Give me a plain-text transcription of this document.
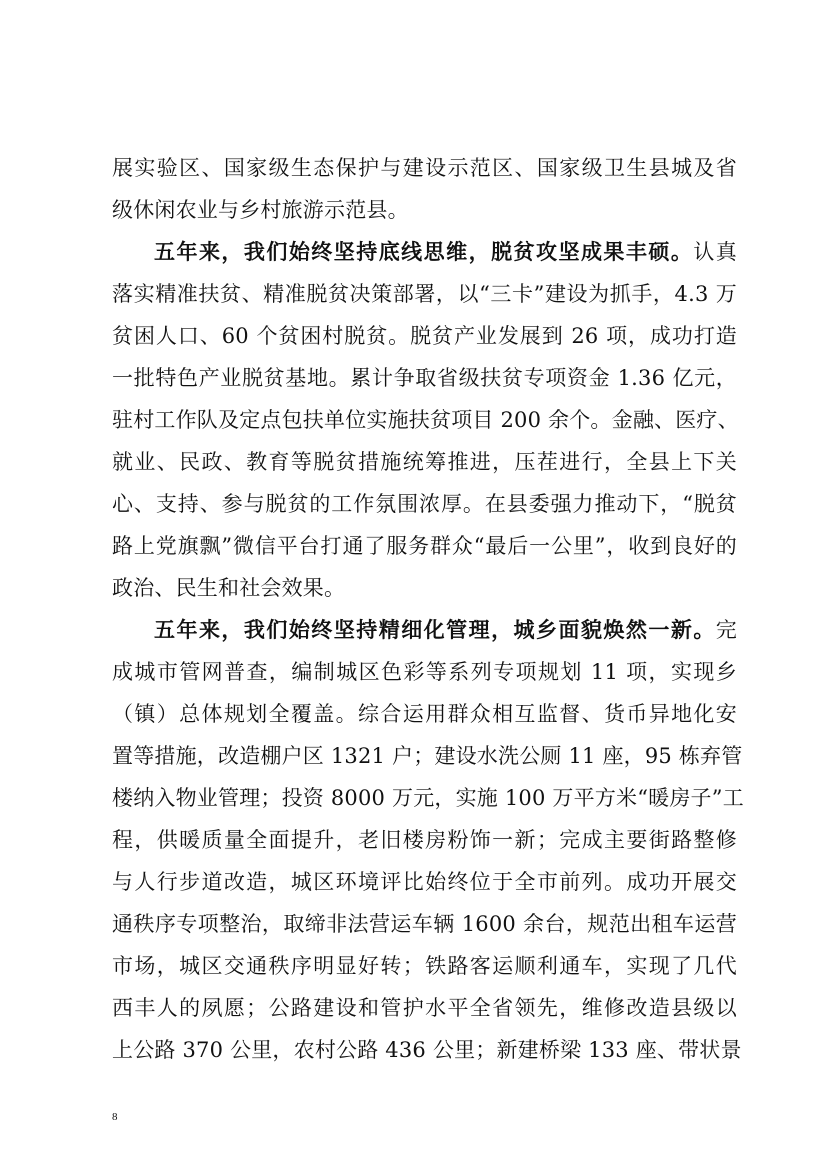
展实验区、国家级生态保护与建设示范区、国家级卫生县城及省
级休闲农业与乡村旅游示范县。
五年来，我们始终坚持底线思维，脱贫攻坚成果丰硕。认真
落实精准扶贫、精准脱贫决策部署，以“三卡”建设为抓手，4.3 万
贫困人口、60 个贫困村脱贫。脱贫产业发展到 26 项，成功打造
一批特色产业脱贫基地。累计争取省级扶贫专项资金 1.36 亿元，
驻村工作队及定点包扶单位实施扶贫项目 200 余个。金融、医疗、
就业、民政、教育等脱贫措施统筹推进，压茬进行，全县上下关
心、支持、参与脱贫的工作氛围浓厚。在县委强力推动下，“脱贫
路上党旗飘”微信平台打通了服务群众“最后一公里”，收到良好的
政治、民生和社会效果。
五年来，我们始终坚持精细化管理，城乡面貌焕然一新。完
成城市管网普查，编制城区色彩等系列专项规划 11 项，实现乡
（镇）总体规划全覆盖。综合运用群众相互监督、货币异地化安
置等措施，改造棚户区 1321 户；建设水洗公厕 11 座，95 栋弃管
楼纳入物业管理；投资 8000 万元，实施 100 万平方米“暖房子”工
程，供暖质量全面提升，老旧楼房粉饰一新；完成主要街路整修
与人行步道改造，城区环境评比始终位于全市前列。成功开展交
通秩序专项整治，取缔非法营运车辆 1600 余台，规范出租车运营
市场，城区交通秩序明显好转；铁路客运顺利通车，实现了几代
西丰人的夙愿；公路建设和管护水平全省领先，维修改造县级以
上公路 370 公里，农村公路 436 公里；新建桥梁 133 座、带状景
8
